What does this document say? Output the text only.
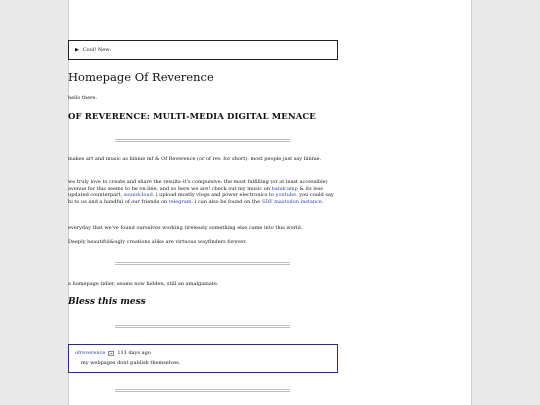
▶ Cool! New:
Homepage Of Reverence
hello there.
OF REVERENCE: MULTI-MEDIA DIGITAL MENACE
makes art and music as binnie mf & Of Reverence (or of rev. for short). most people just say binnie.
we truly love to create and share the results–it's compulsive. the most fulfilling (or at least accessible) avenue for this seems to be on-line, and so here we are! check out my music on bandcamp & its less updated counterpart, soundcloud. i upload mostly vlogs and power electronics to youtube. you could say hi to us and a handful of our friends on telegram. i can also be found on the SDF mastodon instance.
everyday that we've found ourselves working tirelessly something else came into this world.
Deeply beautiful&ugly creations alike are virtuous wayfinders forever.
a homepage tidier, seams now hidden, still an amalgamate.
Bless this mess
ofreverence 111 days ago
my webpages dont publish themselves.
